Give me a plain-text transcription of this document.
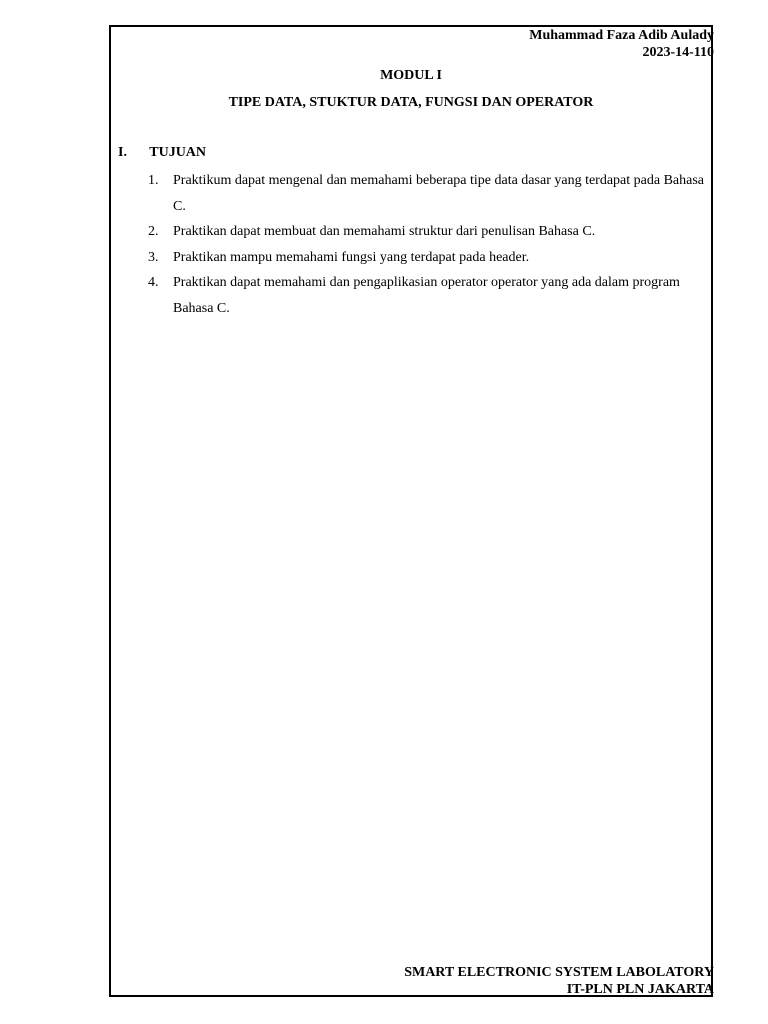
Muhammad Faza Adib Aulady
2023-14-110
MODUL I
TIPE DATA, STUKTUR DATA, FUNGSI DAN OPERATOR
I. TUJUAN
1.	Praktikum dapat mengenal dan memahami beberapa tipe data dasar yang terdapat pada Bahasa C.
2.	Praktikan dapat membuat dan memahami struktur dari penulisan Bahasa C.
3.	Praktikan mampu memahami fungsi yang terdapat pada header.
4.	Praktikan dapat memahami dan pengaplikasian operator operator yang ada dalam program Bahasa C.
SMART ELECTRONIC SYSTEM LABOLATORY
IT-PLN PLN JAKARTA
